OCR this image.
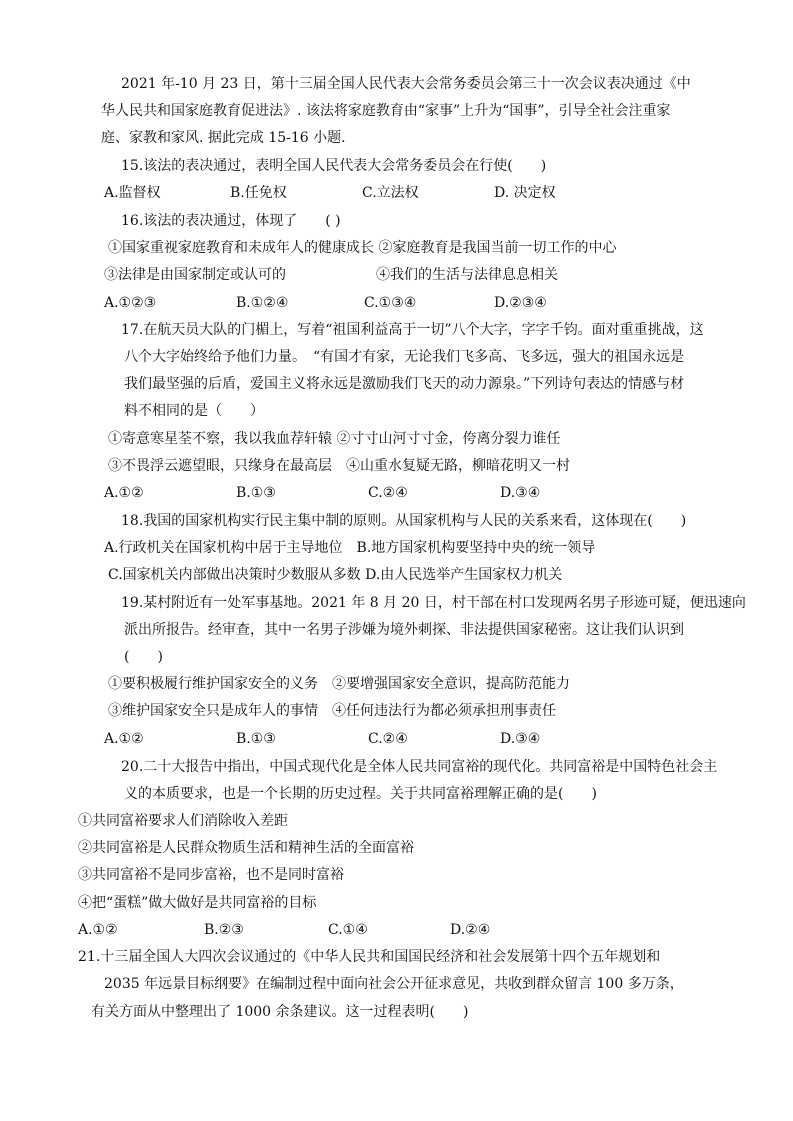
2021 年-10 月 23 日，第十三届全国人民代表大会常务委员会第三十一次会议表决通过《中
华人民共和国家庭教育促进法》. 该法将家庭教育由“家事”上升为“国事”，引导全社会注重家
庭、家教和家风. 据此完成 15-16 小题.
15.该法的表决通过，表明全国人民代表大会常务委员会在行使(　　)
A.监督权	B.任免权	C.立法权	D. 决定权
16.该法的表决通过，体现了　　( )
①国家重视家庭教育和未成年人的健康成长 ②家庭教育是我国当前一切工作的中心
③法律是由国家制定或认可的	④我们的生活与法律息息相关
A.①②③	B.①②④	C.①③④	D.②③④
17.在航天员大队的门楣上，写着“祖国利益高于一切”八个大字，字字千钧。面对重重挑战，这
八个大字始终给予他们力量。　“有国才有家，无论我们飞多高、飞多远，强大的祖国永远是
我们最坚强的后盾，爱国主义将永远是激励我们飞天的动力源泉。”下列诗句表达的情感与材
料不相同的是（　　）
①寄意寒星荃不察，我以我血荐轩辕 ②寸寸山河寸寸金，侉离分裂力谁任
③不畏浮云遮望眼，只缘身在最高层　④山重水复疑无路，柳暗花明又一村
A.①②	B.①③	C.②④	D.③④
18.我国的国家机构实行民主集中制的原则。从国家机构与人民的关系来看，这体现在(　　)
A.行政机关在国家机构中居于主导地位　B.地方国家机构要坚持中央的统一领导
C.国家机关内部做出决策时少数服从多数 D.由人民选举产生国家权力机关
19.某村附近有一处军事基地。2021 年 8 月 20 日，村干部在村口发现两名男子形迹可疑，便迅速向
派出所报告。经审查，其中一名男子涉嫌为境外刺探、非法提供国家秘密。这让我们认识到
(　　)
①要积极履行维护国家安全的义务　②要增强国家安全意识，提高防范能力
③维护国家安全只是成年人的事情　④任何违法行为都必须承担刑事责任
A.①②	B.①③	C.②④	D.③④
20.二十大报告中指出，中国式现代化是全体人民共同富裕的现代化。共同富裕是中国特色社会主
义的本质要求，也是一个长期的历史过程。关于共同富裕理解正确的是(　　)
①共同富裕要求人们消除收入差距
②共同富裕是人民群众物质生活和精神生活的全面富裕
③共同富裕不是同步富裕，也不是同时富裕
④把“蛋糕”做大做好是共同富裕的目标
A.①②	B.②③	C.①④	D.②④
21.十三届全国人大四次会议通过的《中华人民共和国国民经济和社会发展第十四个五年规划和
2035 年远景目标纲要》在编制过程中面向社会公开征求意见，共收到群众留言 100 多万条，
有关方面从中整理出了 1000 余条建议。这一过程表明(　　)
